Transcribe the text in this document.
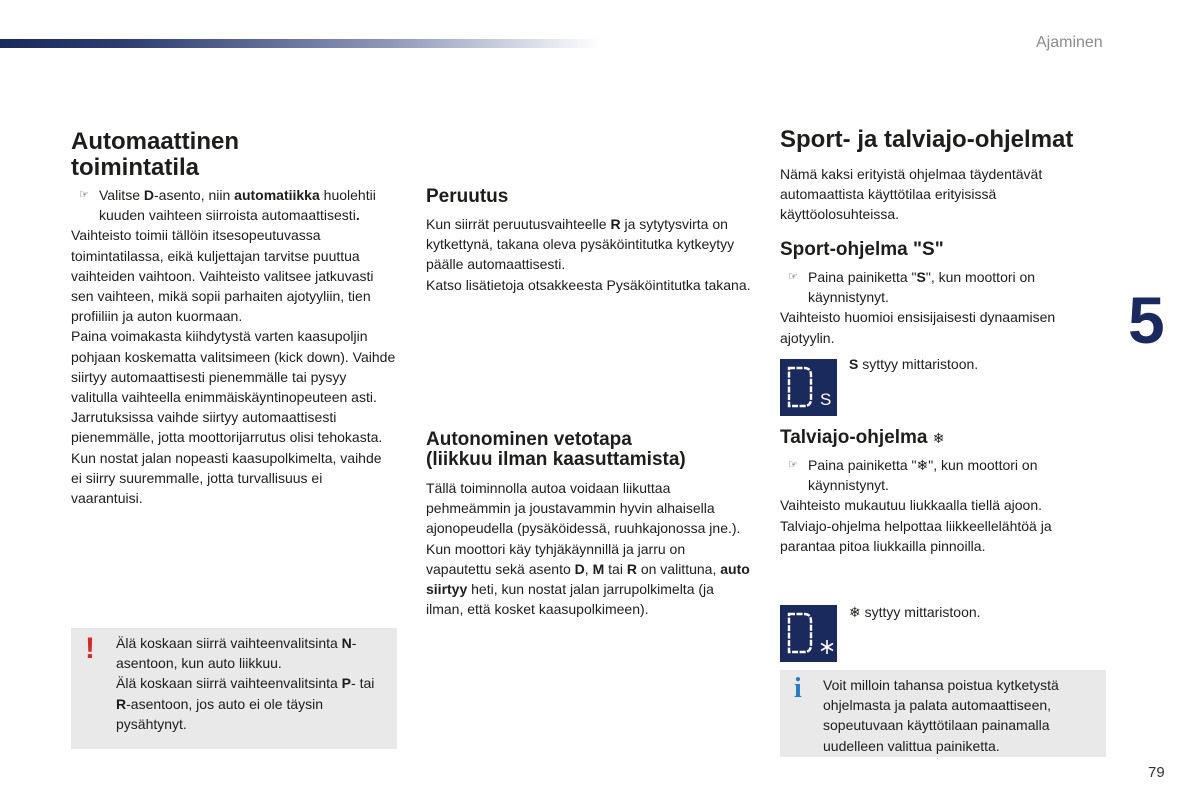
Ajaminen
5
79
Automaattinen toimintatila

☞ Valitse D-asento, niin automatiikka huolehtii kuuden vaihteen siirroista automaattisesti.

Vaihteisto toimii tällöin itsesopeutuvassa toimintatilassa, eikä kuljettajan tarvitse puuttua vaihteiden vaihtoon. Vaihteisto valitsee jatkuvasti sen vaihteen, mikä sopii parhaiten ajotyyliin, tien profiiliin ja auton kuormaan.

Paina voimakasta kiihdytystä varten kaasupoljin pohjaan koskematta valitsimeen (kick down). Vaihde siirtyy automaattisesti pienemmälle tai pysyy valitulla vaihteella enimmäiskäyntinopeuteen asti.

Jarrutuksissa vaihde siirtyy automaattisesti pienemmälle, jotta moottorijarrutus olisi tehokasta.

Kun nostat jalan nopeasti kaasupolkimelta, vaihde ei siirry suuremmalle, jotta turvallisuus ei vaarantuisi.

! Älä koskaan siirrä vaihteenvalitsinta N-asentoon, kun auto liikkuu.
Älä koskaan siirrä vaihteenvalitsinta P- tai R-asentoon, jos auto ei ole täysin pysähtynyt.
Peruutus

Kun siirrät peruutusvaihteelle R ja sytytysvirta on kytkettynä, takana oleva pysäköintitutka kytkeytyy päälle automaattisesti.

Katso lisätietoja otsakkeesta Pysäköintitutka takana.

Autonominen vetotapa
(liikkuu ilman kaasuttamista)

Tällä toiminnolla autoa voidaan liikuttaa pehmeämmin ja joustavammin hyvin alhaisella ajonopeudella (pysäköidessä, ruuhkajonossa jne.).

Kun moottori käy tyhjäkäynnillä ja jarru on vapautettu sekä asento D, M tai R on valittuna, auto siirtyy heti, kun nostat jalan jarrupolkimelta (ja ilman, että kosket kaasupolkimeen).

Sport- ja talviajo-ohjelmat
Nämä kaksi erityistä ohjelmaa täydentävät automaattista käyttötilaa erityisissä käyttöolosuhteissa.
Sport-ohjelma "S"

☞ Paina painiketta "S", kun moottori on käynnistynyt.

Vaihteisto huomioi ensisijaisesti dynaamisen ajotyylin.

S
S syttyy mittaristoon.
Talviajo-ohjelma ❄

☞ Paina painiketta "❄", kun moottori on käynnistynyt.

Vaihteisto mukautuu liukkaalla tiellä ajoon.

Talviajo-ohjelma helpottaa liikkeellelähtöä ja parantaa pitoa liukkailla pinnoilla.

❄ syttyy mittaristoon.
i Voit milloin tahansa poistua kytketystä ohjelmasta ja palata automaattiseen, sopeutuvaan käyttötilaan painamalla uudelleen valittua painiketta.
